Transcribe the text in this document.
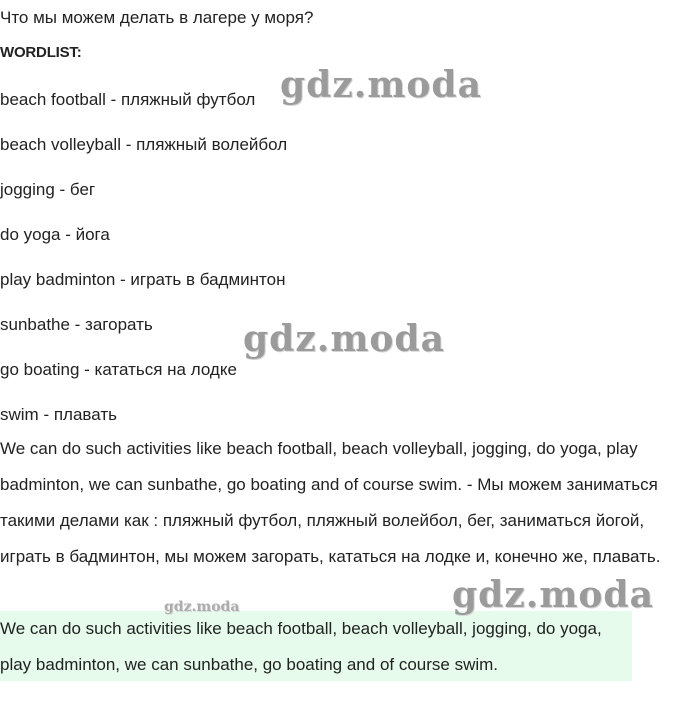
Что мы можем делать в лагере у моря?
WORDLIST:
beach football - пляжный футбол
beach volleyball - пляжный волейбол
jogging - бег
do yoga - йога
play badminton - играть в бадминтон
sunbathe - загорать
go boating - кататься на лодке
swim - плавать

We can do such activities like beach football, beach volleyball, jogging, do yoga, play badminton, we can sunbathe, go boating and of course swim. - Мы можем заниматься такими делами как : пляжный футбол, пляжный волейбол, бег, заниматься йогой, играть в бадминтон, мы можем загорать, кататься на лодке и, конечно же, плавать.

We can do such activities like beach football, beach volleyball, jogging, do yoga, play badminton, we can sunbathe, go boating and of course swim.

gdz.moda
gdz.moda
gdz.moda
gdz.moda
